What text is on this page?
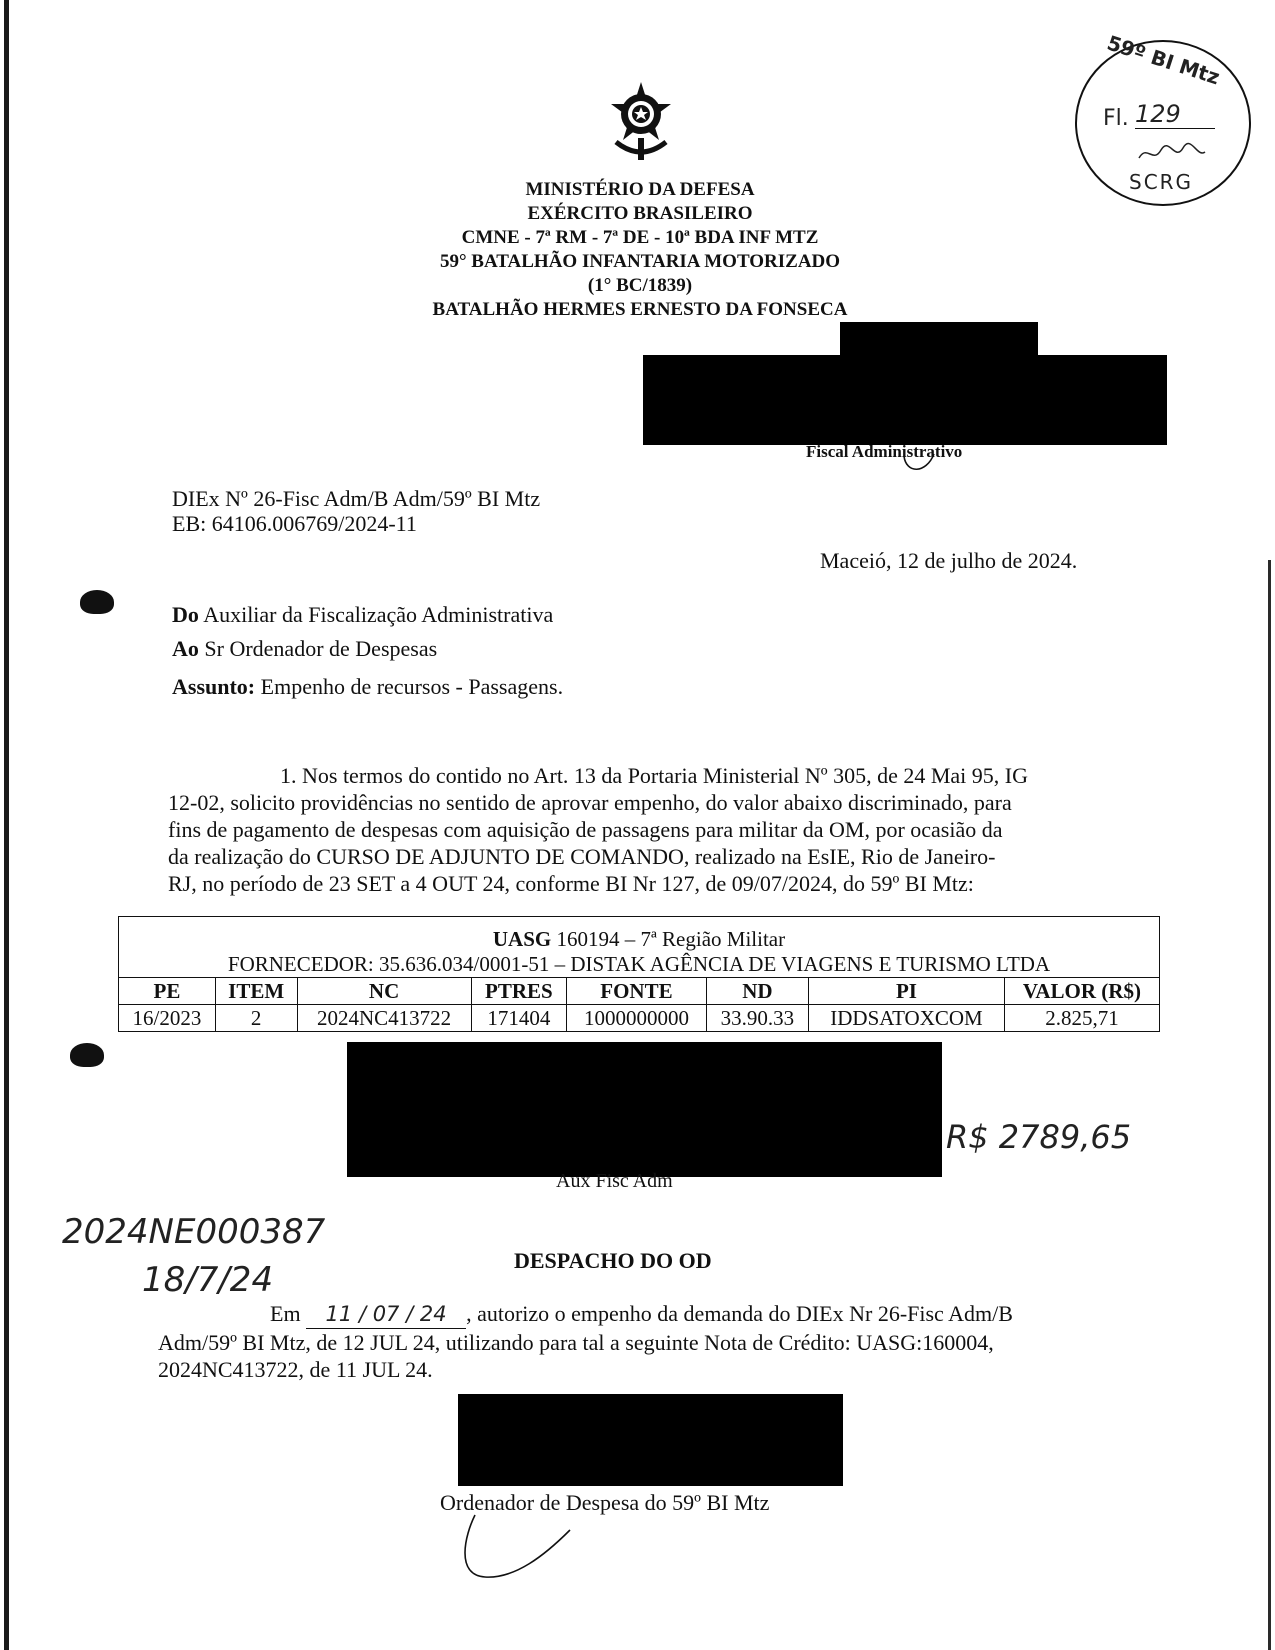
MINISTÉRIO DA DEFESA
EXÉRCITO BRASILEIRO
CMNE - 7ª RM - 7ª DE - 10ª BDA INF MTZ
59° BATALHÃO INFANTARIA MOTORIZADO
(1° BC/1839)
BATALHÃO HERMES ERNESTO DA FONSECA
59º BI Mtz
Fl. 129
SCRG
Fiscal Administrativo
DIEx Nº 26-Fisc Adm/B Adm/59º BI Mtz
EB: 64106.006769/2024-11
Maceió, 12 de julho de 2024.
Do Auxiliar da Fiscalização Administrativa
Ao Sr Ordenador de Despesas
Assunto: Empenho de recursos - Passagens.
1. Nos termos do contido no Art. 13 da Portaria Ministerial Nº 305, de 24 Mai 95, IG
12-02, solicito providências no sentido de aprovar empenho, do valor abaixo discriminado, para
fins de pagamento de despesas com aquisição de passagens para militar da OM, por ocasião da
da realização do CURSO DE ADJUNTO DE COMANDO, realizado na EsIE, Rio de Janeiro-
RJ, no período de 23 SET a 4 OUT 24, conforme BI Nr 127, de 09/07/2024, do 59º BI Mtz:
UASG 160194 – 7ª Região Militar
FORNECEDOR: 35.636.034/0001-51 – DISTAK AGÊNCIA DE VIAGENS E TURISMO LTDA
PE	ITEM	NC	PTRES	FONTE	ND	PI	VALOR (R$)
16/2023	2	2024NC413722	171404	1000000000	33.90.33	IDDSATOXCOM	2.825,71
Aux Fisc Adm
R$ 2789,65
2024NE000387
18/7/24	DESPACHO DO OD
Em 11 / 07 / 24 , autorizo o empenho da demanda do DIEx Nr 26-Fisc Adm/B
Adm/59º BI Mtz, de 12 JUL 24, utilizando para tal a seguinte Nota de Crédito: UASG:160004,
2024NC413722, de 11 JUL 24.
Ordenador de Despesa do 59º BI Mtz
